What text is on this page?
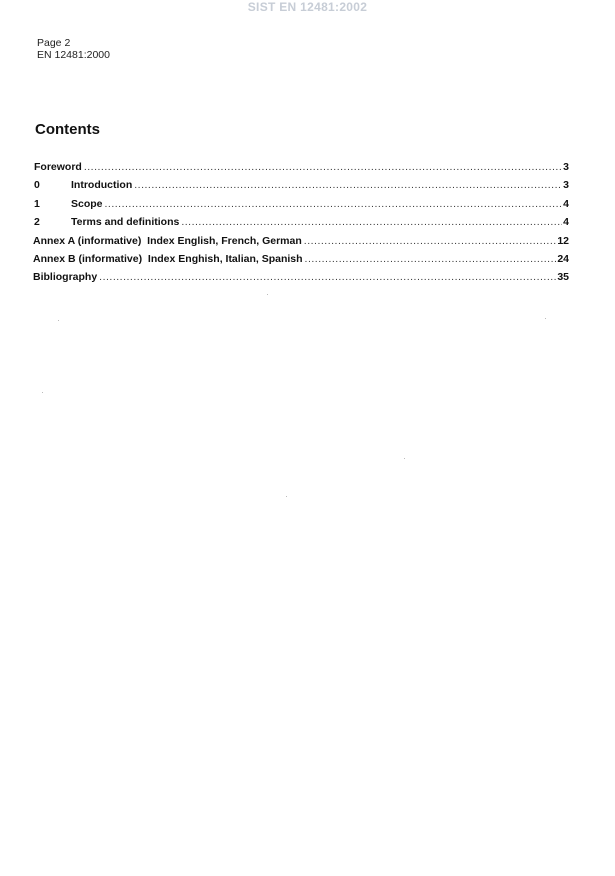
SIST EN 12481:2002
Page 2
EN 12481:2000
Contents
Foreword .....	3
0	Introduction .....	3
1	Scope .....	4
2	Terms and definitions .....	4
Annex A (informative)  Index English, French, German .....	12
Annex B (informative)  Index Enghish, Italian, Spanish .....	24
Bibliography .....	35
